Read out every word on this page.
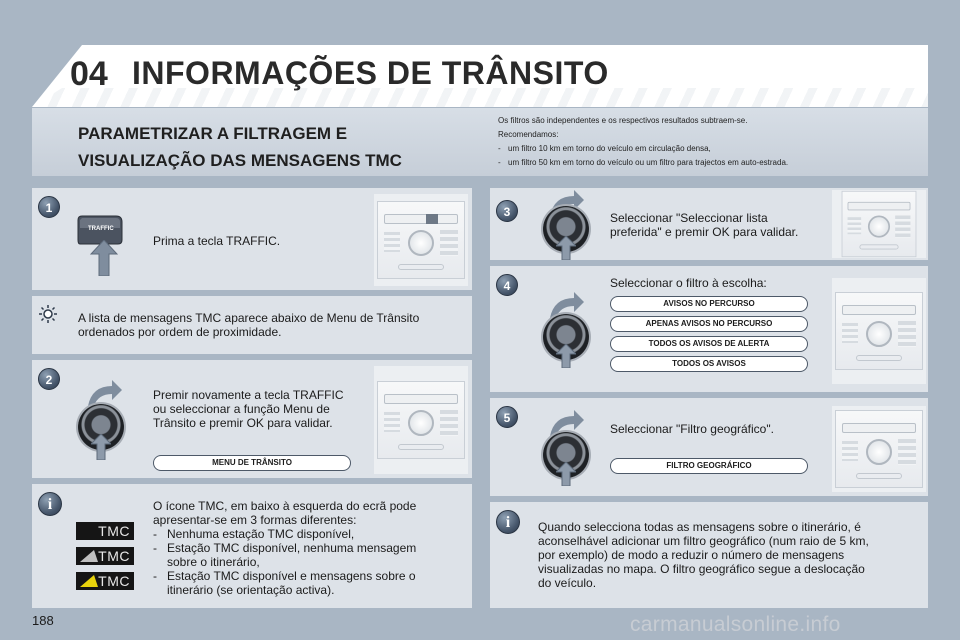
04 INFORMAÇÕES DE TRÂNSITO
PARAMETRIZAR A FILTRAGEM E
VISUALIZAÇÃO DAS MENSAGENS TMC
Os filtros são independentes e os respectivos resultados subtraem-se.
Recomendamos:
- um filtro 10 km em torno do veículo em circulação densa,
- um filtro 50 km em torno do veículo ou um filtro para trajectos em auto-estrada.
1
TRAFFIC
Prima a tecla TRAFFIC.
A lista de mensagens TMC aparece abaixo de Menu de Trânsito
ordenados por ordem de proximidade.
2
Premir novamente a tecla TRAFFIC
ou seleccionar a função Menu de
Trânsito e premir OK para validar.
MENU DE TRÂNSITO
i
TMC
TMC
TMC
O ícone TMC, em baixo à esquerda do ecrã pode
apresentar-se em 3 formas diferentes:
- Nenhuma estação TMC disponível,
- Estação TMC disponível, nenhuma mensagem
sobre o itinerário,
- Estação TMC disponível e mensagens sobre o
itinerário (se orientação activa).
3	Seleccionar "Seleccionar lista
preferida" e premir OK para validar.
4	Seleccionar o filtro à escolha:
AVISOS NO PERCURSO
APENAS AVISOS NO PERCURSO
TODOS OS AVISOS DE ALERTA
TODOS OS AVISOS
5
Seleccionar "Filtro geográfico".
FILTRO GEOGRÁFICO
i	Quando selecciona todas as mensagens sobre o itinerário, é
aconselhável adicionar um filtro geográfico (num raio de 5 km,
por exemplo) de modo a reduzir o número de mensagens
visualizadas no mapa. O filtro geográfico segue a deslocação
do veículo.
188	carmanualsonline.info
